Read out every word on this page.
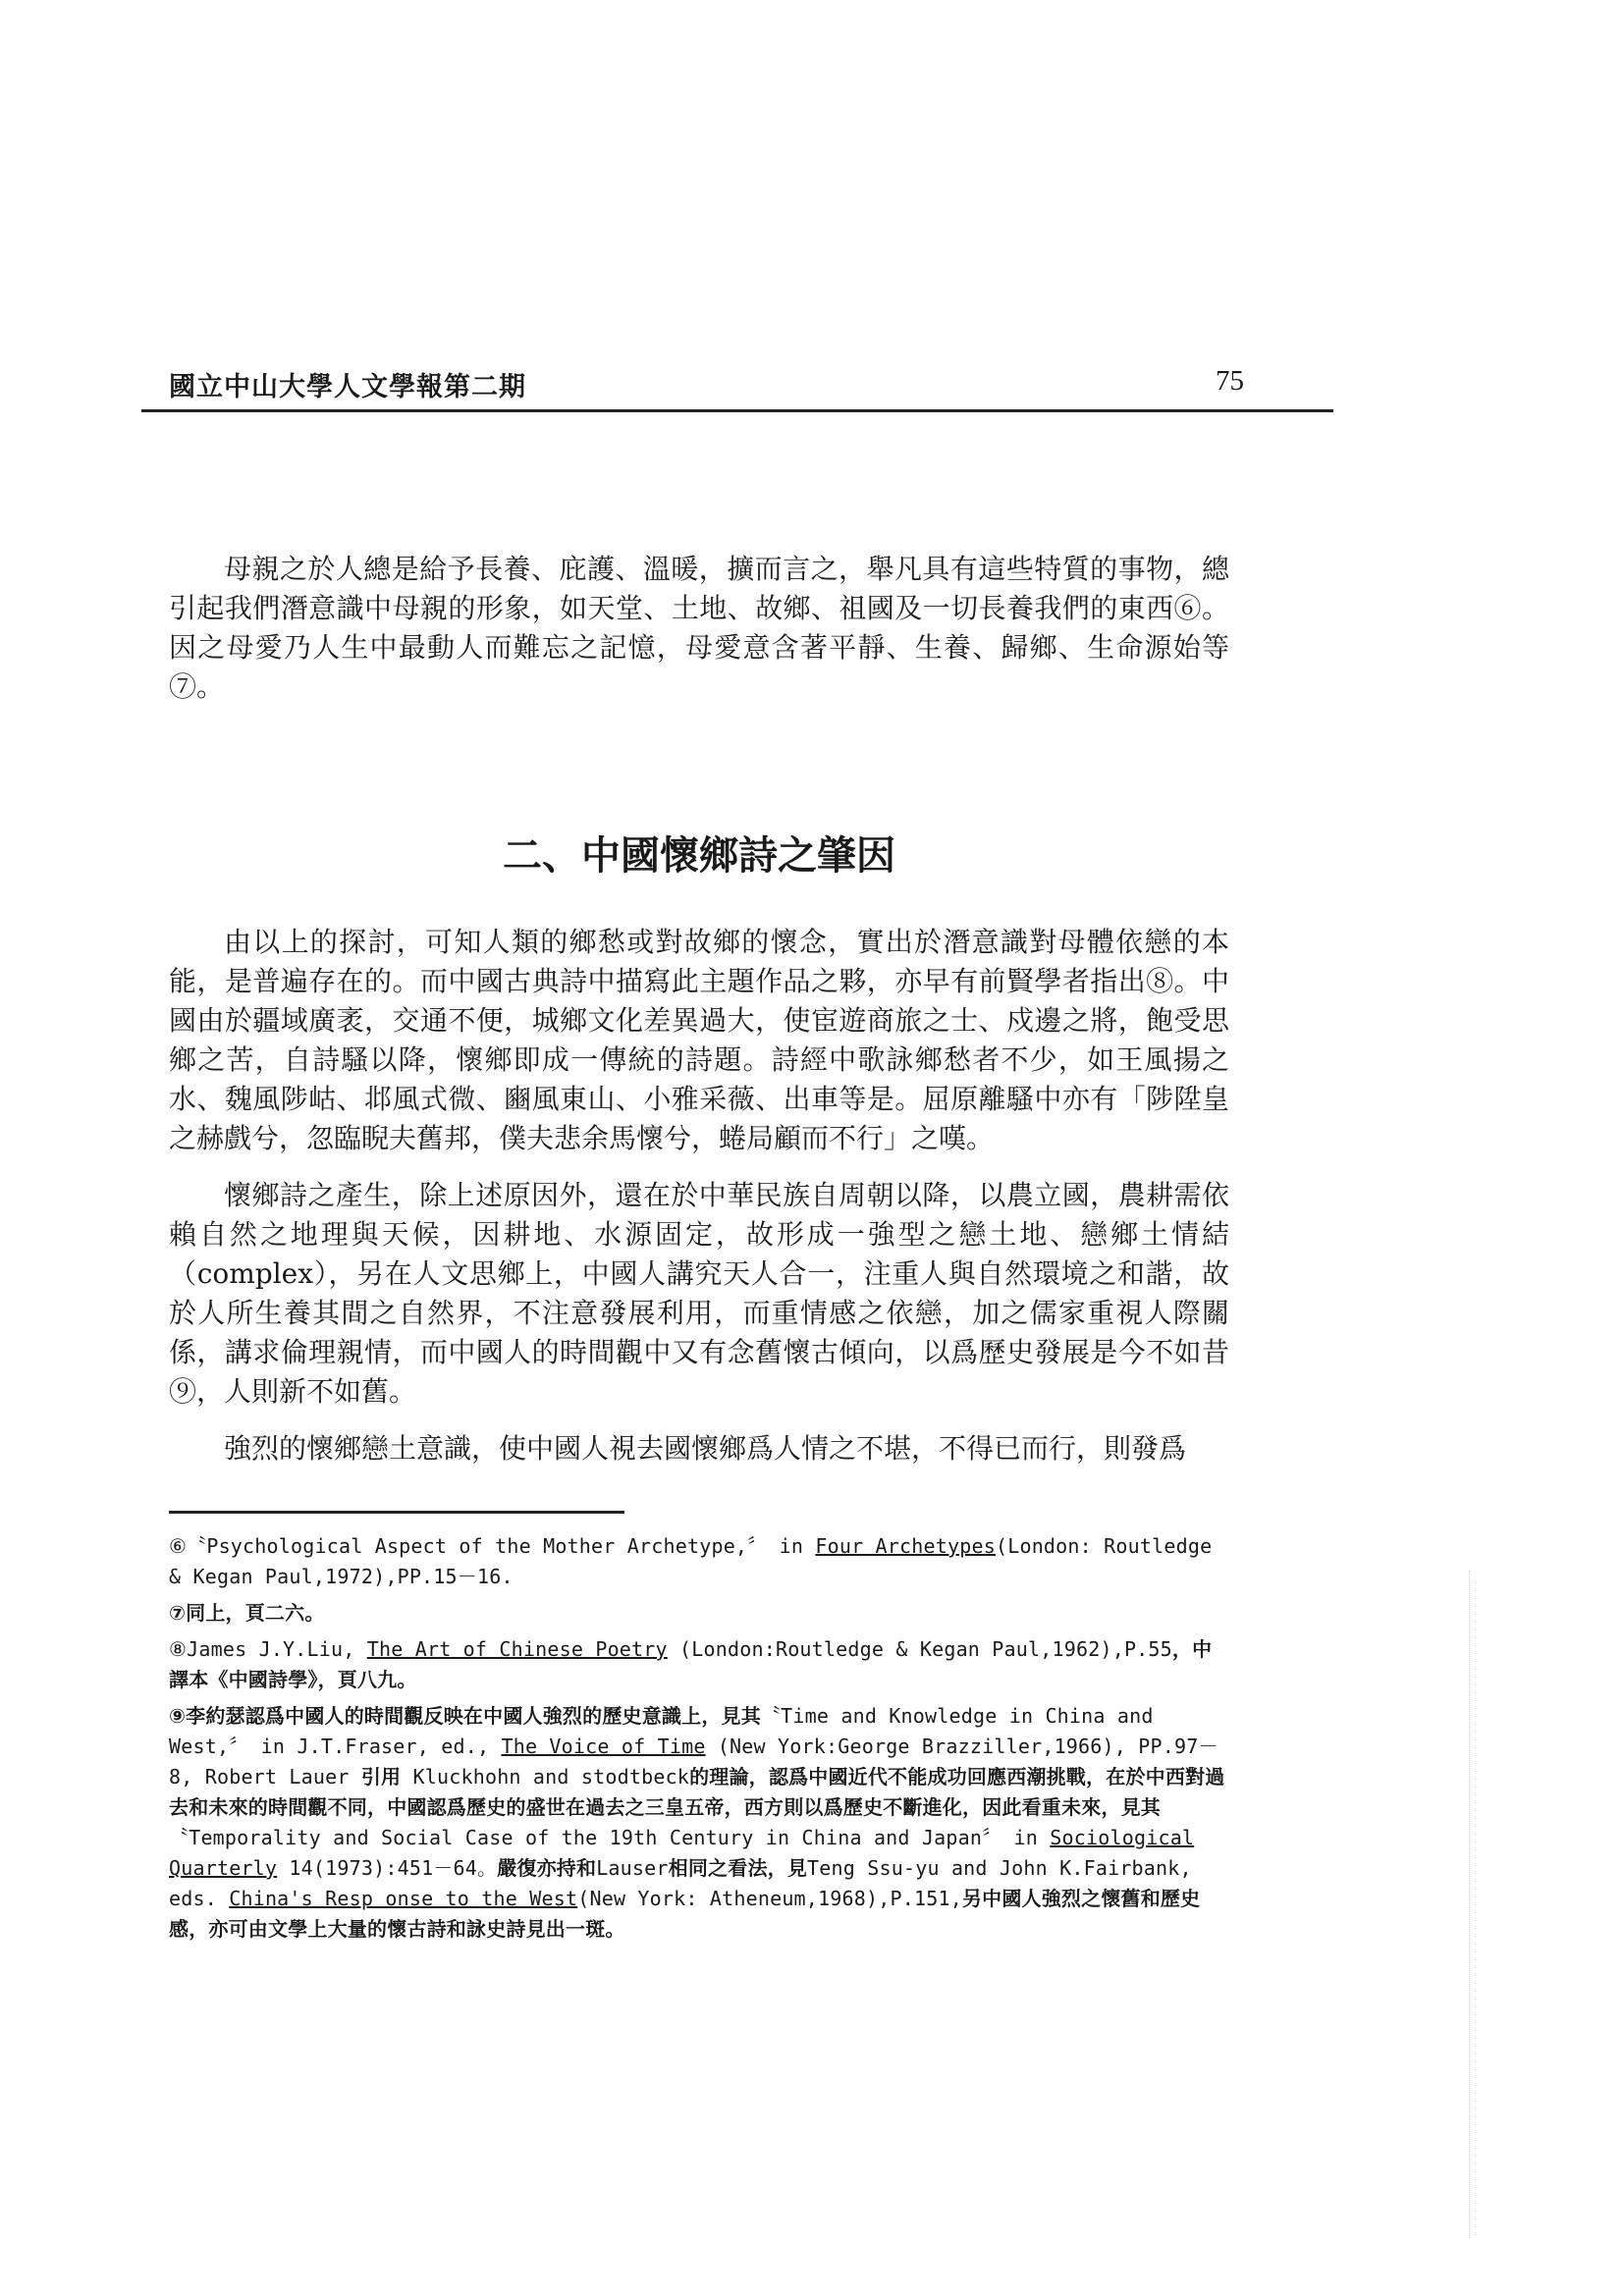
國立中山大學人文學報第二期	75

母親之於人總是給予長養、庇護、溫暖，擴而言之，舉凡具有這些特質的事物，總引起我們潛意識中母親的形象，如天堂、土地、故鄉、祖國及一切長養我們的東西⑥。因之母愛乃人生中最動人而難忘之記憶，母愛意含著平靜、生養、歸鄉、生命源始等⑦。

二、中國懷鄉詩之肇因

由以上的探討，可知人類的鄉愁或對故鄉的懷念，實出於潛意識對母體依戀的本能，是普遍存在的。而中國古典詩中描寫此主題作品之夥，亦早有前賢學者指出⑧。中國由於疆域廣袤，交通不便，城鄉文化差異過大，使宦遊商旅之士、戍邊之將，飽受思鄉之苦，自詩騷以降，懷鄉即成一傳統的詩題。詩經中歌詠鄉愁者不少，如王風揚之水、魏風陟岵、邶風式微、豳風東山、小雅采薇、出車等是。屈原離騷中亦有「陟陞皇之赫戲兮，忽臨睨夫舊邦，僕夫悲余馬懷兮，蜷局顧而不行」之嘆。

懷鄉詩之產生，除上述原因外，還在於中華民族自周朝以降，以農立國，農耕需依賴自然之地理與天候，因耕地、水源固定，故形成一強型之戀土地、戀鄉土情結（complex），另在人文思鄉上，中國人講究天人合一，注重人與自然環境之和諧，故於人所生養其間之自然界，不注意發展利用，而重情感之依戀，加之儒家重視人際關係，講求倫理親情，而中國人的時間觀中又有念舊懷古傾向，以爲歷史發展是今不如昔⑨，人則新不如舊。

強烈的懷鄉戀土意識，使中國人視去國懷鄉爲人情之不堪，不得已而行，則發爲

⑥〝Psychological Aspect of the Mother Archetype,〞 in Four Archetypes(London: Routledge & Kegan Paul,1972),PP.15－16.

⑦同上，頁二六。

⑧James J.Y.Liu, The Art of Chinese Poetry (London:Routledge & Kegan Paul,1962),P.55，中譯本《中國詩學》，頁八九。

⑨李約瑟認爲中國人的時間觀反映在中國人強烈的歷史意識上，見其〝Time and Knowledge in China and West,〞 in J.T.Fraser, ed., The Voice of Time (New York:George Brazziller,1966), PP.97－8, Robert Lauer 引用 Kluckhohn and stodtbeck的理論，認爲中國近代不能成功回應西潮挑戰，在於中西對過去和未來的時間觀不同，中國認爲歷史的盛世在過去之三皇五帝，西方則以爲歷史不斷進化，因此看重未來，見其〝Temporality and Social Case of the 19th Century in China and Japan〞 in Sociological Quarterly 14(1973):451－64。嚴復亦持和Lauser相同之看法，見Teng Ssu-yu and John K.Fairbank, eds. China's Resp onse to the West(New York: Atheneum,1968),P.151,另中國人強烈之懷舊和歷史感，亦可由文學上大量的懷古詩和詠史詩見出一斑。
